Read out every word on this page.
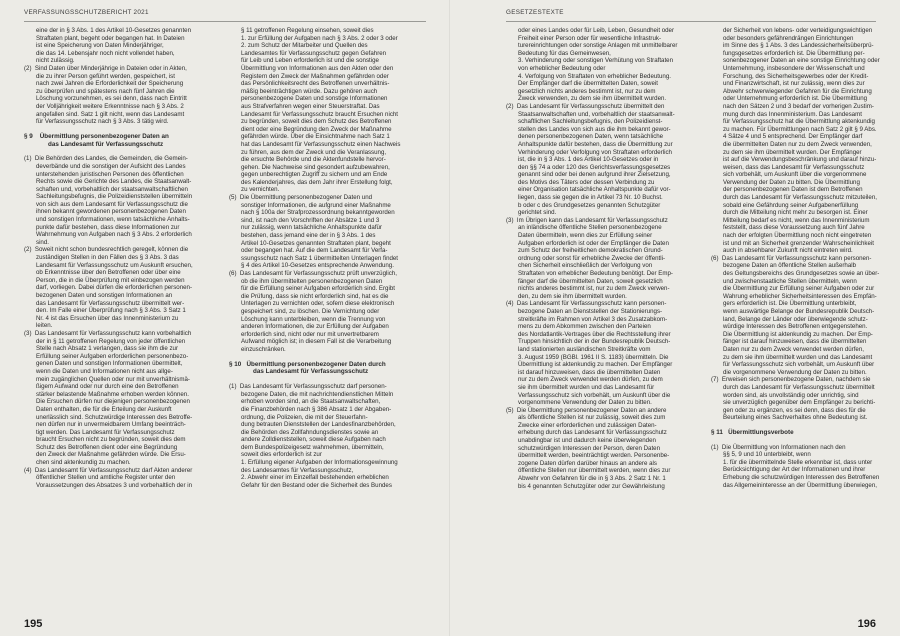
VERFASSUNGSSCHUTZBERICHT 2021

eine der in § 3 Abs. 1 des Artikel 10-Gesetzes genannten
Straftaten plant, begeht oder begangen hat. In Dateien
ist eine Speicherung von Daten Minderjähriger,
die das 14. Lebensjahr noch nicht vollendet haben,
nicht zulässig.

(2)  Sind Daten über Minderjährige in Dateien oder in Akten,
die zu ihrer Person geführt werden, gespeichert, ist
nach zwei Jahren die Erforderlichkeit der Speicherung
zu überprüfen und spätestens nach fünf Jahren die
Löschung vorzunehmen, es sei denn, dass nach Eintritt
der Volljährigkeit weitere Erkenntnisse nach § 3 Abs. 2
angefallen sind. Satz 1 gilt nicht, wenn das Landesamt
für Verfassungsschutz nach § 3 Abs. 3 tätig wird.

§ 9    Übermittlung personenbezogener Daten an
das Landesamt für Verfassungsschutz

(1)  Die Behörden des Landes, die Gemeinden, die Gemein-
deverbände und die sonstigen der Aufsicht des Landes
unterstehenden juristischen Personen des öffentlichen
Rechts sowie die Gerichte des Landes, die Staatsanwalt-
schaften und, vorbehaltlich der staatsanwaltschaftlichen
Sachleitungsbefugnis, die Polizeidienststellen übermitteln
von sich aus dem Landesamt für Verfassungsschutz die
ihnen bekannt gewordenen personenbezogenen Daten
und sonstigen Informationen, wenn tatsächliche Anhalts-
punkte dafür bestehen, dass diese Informationen zur
Wahrnehmung von Aufgaben nach § 3 Abs. 2 erforderlich
sind.

(2)  Soweit nicht schon bundesrechtlich geregelt, können die
zuständigen Stellen in den Fällen des § 3 Abs. 3 das
Landesamt für Verfassungsschutz um Auskunft ersuchen,
ob Erkenntnisse über den Betroffenen oder über eine
Person, die in die Überprüfung mit einbezogen werden
darf, vorliegen. Dabei dürfen die erforderlichen personen-
bezogenen Daten und sonstigen Informationen an
das Landesamt für Verfassungsschutz übermittelt wer-
den. Im Falle einer Überprüfung nach § 3 Abs. 3 Satz 1
Nr. 4 ist das Ersuchen über das Innenministerium zu
leiten.

(3)  Das Landesamt für Verfassungsschutz kann vorbehaltlich
der in § 11 getroffenen Regelung von jeder öffentlichen
Stelle nach Absatz 1 verlangen, dass sie ihm die zur
Erfüllung seiner Aufgaben erforderlichen personenbezo-
genen Daten und sonstigen Informationen übermittelt,
wenn die Daten und Informationen nicht aus allge-
mein zugänglichen Quellen oder nur mit unverhältnismä-
ßigem Aufwand oder nur durch eine den Betroffenen
stärker belastende Maßnahme erhoben werden können.
Die Ersuchen dürfen nur diejenigen personenbezogenen
Daten enthalten, die für die Erteilung der Auskunft
unerlässlich sind. Schutzwürdige Interessen des Betroffe-
nen dürfen nur in unvermeidbarem Umfang beeinträch-
tigt werden. Das Landesamt für Verfassungsschutz
braucht Ersuchen nicht zu begründen, soweit dies dem
Schutz des Betroffenen dient oder eine Begründung
den Zweck der Maßnahme gefährden würde. Die Ersu-
chen sind aktenkundig zu machen.

(4)  Das Landesamt für Verfassungsschutz darf Akten anderer
öffentlicher Stellen und amtliche Register unter den
Voraussetzungen des Absatzes 3 und vorbehaltlich der in

§ 11 getroffenen Regelung einsehen, soweit dies
1. zur Erfüllung der Aufgaben nach § 3 Abs. 2 oder 3 oder
2. zum Schutz der Mitarbeiter und Quellen des
Landesamtes für Verfassungsschutz gegen Gefahren
für Leib und Leben erforderlich ist und die sonstige
Übermittlung von Informationen aus den Akten oder den
Registern den Zweck der Maßnahmen gefährden oder
das Persönlichkeitsrecht des Betroffenen unverhältnis-
mäßig beeinträchtigen würde. Dazu gehören auch
personenbezogene Daten und sonstige Informationen
aus Strafverfahren wegen einer Steuerstraftat. Das
Landesamt für Verfassungsschutz braucht Ersuchen nicht
zu begründen, soweit dies dem Schutz des Betroffenen
dient oder eine Begründung den Zweck der Maßnahme
gefährden würde. Über die Einsichtnahme nach Satz 1
hat das Landesamt für Verfassungsschutz einen Nachweis
zu führen, aus dem der Zweck und die Veranlassung,
die ersuchte Behörde und die Aktenfundstelle hervor-
gehen. Die Nachweise sind gesondert aufzubewahren,
gegen unberechtigten Zugriff zu sichern und am Ende
des Kalenderjahres, das dem Jahr ihrer Erstellung folgt,
zu vernichten.

(5)  Die Übermittlung personenbezogener Daten und
sonstiger Informationen, die aufgrund einer Maßnahme
nach § 100a der Strafprozessordnung bekanntgeworden
sind, ist nach den Vorschriften der Absätze 1 und 3
nur zulässig, wenn tatsächliche Anhaltspunkte dafür
bestehen, dass jemand eine der in § 3 Abs. 1 des
Artikel 10-Gesetzes genannten Straftaten plant, begeht
oder begangen hat. Auf die dem Landesamt für Verfa-
ssungsschutz nach Satz 1 übermittelten Unterlagen findet
§ 4 des Artikel 10-Gesetzes entsprechende Anwendung.

(6)  Das Landesamt für Verfassungsschutz prüft unverzüglich,
ob die ihm übermittelten personenbezogenen Daten
für die Erfüllung seiner Aufgaben erforderlich sind. Ergibt
die Prüfung, dass sie nicht erforderlich sind, hat es die
Unterlagen zu vernichten oder, sofern diese elektronisch
gespeichert sind, zu löschen. Die Vernichtung oder
Löschung kann unterbleiben, wenn die Trennung von
anderen Informationen, die zur Erfüllung der Aufgaben
erforderlich sind, nicht oder nur mit unvertretbarem
Aufwand möglich ist; in diesem Fall ist die Verarbeitung
einzuschränken.

§ 10   Übermittlung personenbezogener Daten durch
das Landesamt für Verfassungsschutz

(1)  Das Landesamt für Verfassungsschutz darf personen-
bezogene Daten, die mit nachrichtendienstlichen Mitteln
erhoben worden sind, an die Staatsanwaltschaften,
die Finanzbehörden nach § 386 Absatz 1 der Abgaben-
ordnung, die Polizeien, die mit der Steuerfahn-
dung betrauten Dienststellen der Landesfinanzbehörden,
die Behörden des Zollfahndungsdienstes sowie an
andere Zolldienststellen, soweit diese Aufgaben nach
dem Bundespolizeigesetz wahrnehmen, übermitteln,
soweit dies erforderlich ist zur
1. Erfüllung eigener Aufgaben der Informationsgewinnung
des Landesamtes für Verfassungsschutz,
2. Abwehr einer im Einzelfall bestehenden erheblichen
Gefahr für den Bestand oder die Sicherheit des Bundes

195
GESETZESTEXTE

oder eines Landes oder für Leib, Leben, Gesundheit oder
Freiheit einer Person oder für wesentliche Infrastruk-
turereinrichtungen oder sonstige Anlagen mit unmittelbarer
Bedeutung für das Gemeinwesen,
3. Verhinderung oder sonstigen Verhütung von Straftaten
von erheblicher Bedeutung oder
4. Verfolgung von Straftaten von erheblicher Bedeutung.
Der Empfänger darf die übermittelten Daten, soweit
gesetzlich nichts anderes bestimmt ist, nur zu dem
Zweck verwenden, zu dem sie ihm übermittelt wurden.

(2)  Das Landesamt für Verfassungsschutz übermittelt den
Staatsanwaltschaften und, vorbehaltlich der staatsanwalt-
schaftlichen Sachleitungsbefugnis, den Polizeidienst-
stellen des Landes von sich aus die ihm bekannt gewor-
denen personenbezogenen Daten, wenn tatsächliche
Anhaltspunkte dafür bestehen, dass die Übermittlung zur
Verhinderung oder Verfolgung von Straftaten erforderlich
ist, die in § 3 Abs. 1 des Artikel 10-Gesetzes oder in
den §§ 74 a oder 120 des Gerichtsverfassungsgesetzes
genannt sind oder bei denen aufgrund ihrer Zielsetzung,
des Motivs des Täters oder dessen Verbindung zu
einer Organisation tatsächliche Anhaltspunkte dafür vor-
liegen, dass sie gegen die in Artikel 73 Nr. 10 Buchst.
b oder c des Grundgesetzes genannten Schutzgüter
gerichtet sind.

(3)  Im Übrigen kann das Landesamt für Verfassungsschutz
an inländische öffentliche Stellen personenbezogene
Daten übermitteln, wenn dies zur Erfüllung seiner
Aufgaben erforderlich ist oder der Empfänger die Daten
zum Schutz der freiheitlichen demokratischen Grund-
ordnung oder sonst für erhebliche Zwecke der öffentli-
chen Sicherheit einschließlich der Verfolgung von
Straftaten von erheblicher Bedeutung benötigt. Der Emp-
fänger darf die übermittelten Daten, soweit gesetzlich
nichts anderes bestimmt ist, nur zu dem Zweck verwen-
den, zu dem sie ihm übermittelt wurden.

(4)  Das Landesamt für Verfassungsschutz kann personen-
bezogene Daten an Dienststellen der Stationierungs-
streitkräfte im Rahmen von Artikel 3 des Zusatzabkom-
mens zu dem Abkommen zwischen den Parteien
des Nordatlantik-Vertrages über die Rechtsstellung ihrer
Truppen hinsichtlich der in der Bundesrepublik Deutsch-
land stationierten ausländischen Streitkräfte vom
3. August 1959 (BGBl. 1961 II S. 1183) übermitteln. Die
Übermittlung ist aktenkundig zu machen. Der Empfänger
ist darauf hinzuweisen, dass die übermittelten Daten
nur zu dem Zweck verwendet werden dürfen, zu dem
sie ihm übermittelt wurden und das Landesamt für
Verfassungsschutz sich vorbehält, um Auskunft über die
vorgenommene Verwendung der Daten zu bitten.

(5)  Die Übermittlung personenbezogener Daten an andere
als öffentliche Stellen ist nur zulässig, soweit dies zum
Zwecke einer erforderlichen und zulässigen Daten-
erhebung durch das Landesamt für Verfassungsschutz
unabdingbar ist und dadurch keine überwiegenden
schutzwürdigen Interessen der Person, deren Daten
übermittelt werden, beeinträchtigt werden. Personenbe-
zogene Daten dürfen darüber hinaus an andere als
öffentliche Stellen nur übermittelt werden, wenn dies zur
Abwehr von Gefahren für die in § 3 Abs. 2 Satz 1 Nr. 1
bis 4 genannten Schutzgüter oder zur Gewährleistung

der Sicherheit von lebens- oder verteidigungswichtigen
oder besonders gefährendrängen Einrichtungen
im Sinne des § 1 Abs. 3 des Landessicherheitsüberprü-
fungsgesetzes erforderlich ist. Die Übermittlung per-
sonenbezogener Daten an eine sonstige Einrichtung oder
Unternehmung, insbesondere der Wissenschaft und
Forschung, des Sicherheitsgewerbes oder der Kredit-
und Finanzwirtschaft, ist nur zulässig, wenn dies zur
Abwehr schwerwiegender Gefahren für die Einrichtung
oder Unternehmung erforderlich ist. Die Übermittlung
nach den Sätzen 2 und 3 bedarf der vorherigen Zustim-
mung durch das Innenministerium. Das Landesamt
für Verfassungsschutz hat die Übermittlung aktenkundig
zu machen. Für Übermittlungen nach Satz 2 gilt § 9 Abs.
4 Sätze 4 und 5 entsprechend. Der Empfänger darf
die übermittelten Daten nur zu dem Zweck verwenden,
zu dem sie ihm übermittelt wurden. Der Empfänger
ist auf die Verwendungsbeschränkung und darauf hinzu-
weisen, dass das Landesamt für Verfassungsschutz
sich vorbehält, um Auskunft über die vorgenommene
Verwendung der Daten zu bitten. Die Übermittlung
der personenbezogenen Daten ist dem Betroffenen
durch das Landesamt für Verfassungsschutz mitzuteilen,
sobald eine Gefährdung seiner Aufgabenerfüllung
durch die Mitteilung nicht mehr zu besorgen ist. Einer
Mitteilung bedarf es nicht, wenn das Innenministerium
feststellt, dass diese Voraussetzung auch fünf Jahre
nach der erfolgten Übermittlung noch nicht eingetreten
ist und mit an Sicherheit grenzender Wahrscheinlichkeit
auch in absehbarer Zukunft nicht eintreten wird.

(6)  Das Landesamt für Verfassungsschutz kann personen-
bezogene Daten an öffentliche Stellen außerhalb
des Geltungsbereichs des Grundgesetzes sowie an über-
und zwischenstaatliche Stellen übermitteln, wenn
die Übermittlung zur Erfüllung seiner Aufgaben oder zur
Wahrung erheblicher Sicherheitsinteressen des Empfän-
gers erforderlich ist. Die Übermittlung unterbleibt,
wenn auswärtige Belange der Bundesrepublik Deutsch-
land, Belange der Länder oder überwiegende schutz-
würdige Interessen des Betroffenen entgegenstehen.
Die Übermittlung ist aktenkundig zu machen. Der Emp-
fänger ist darauf hinzuweisen, dass die übermittelten
Daten nur zu dem Zweck verwendet werden dürfen,
zu dem sie ihm übermittelt wurden und das Landesamt
für Verfassungsschutz sich vorbehält, um Auskunft über
die vorgenommene Verwendung der Daten zu bitten.

(7)  Erweisen sich personenbezogene Daten, nachdem sie
durch das Landesamt für Verfassungsschutz übermittelt
worden sind, als unvollständig oder unrichtig, sind
sie unverzüglich gegenüber dem Empfänger zu berichti-
gen oder zu ergänzen, es sei denn, dass dies für die
Beurteilung eines Sachverhaltes ohne Bedeutung ist.

§ 11   Übermittlungsverbote

(1)  Die Übermittlung von Informationen nach den
§§ 5, 9 und 10 unterbleibt, wenn
1. für die übermittelnde Stelle erkennbar ist, dass unter
Berücksichtigung der Art der Informationen und ihrer
Erhebung die schutzwürdigen Interessen des Betroffenen
das Allgemeininteresse an der Übermittlung überwiegen,

196
